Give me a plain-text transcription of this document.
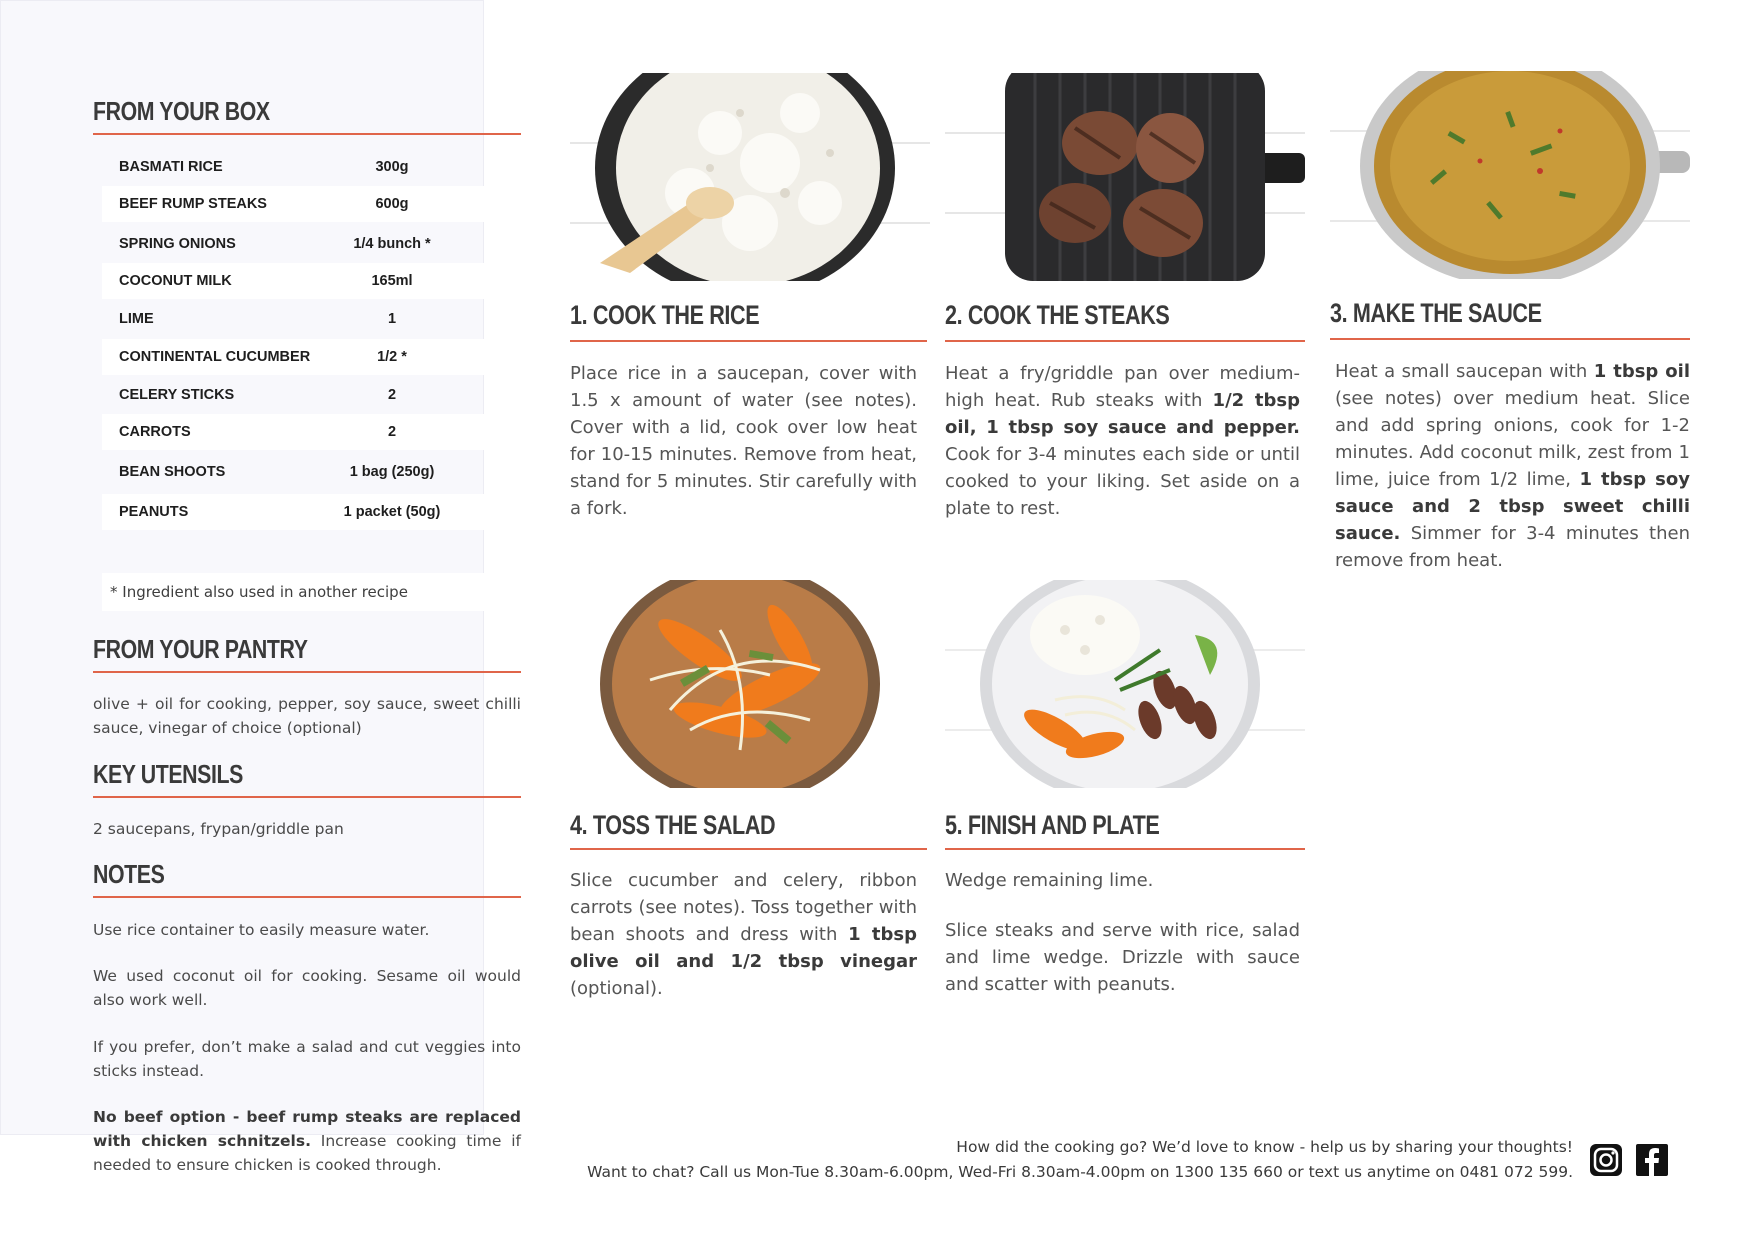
FROM YOUR BOX
BASMATI RICE	300g
BEEF RUMP STEAKS	600g
SPRING ONIONS	1/4 bunch *
COCONUT MILK	165ml
LIME	1
CONTINENTAL CUCUMBER	1/2 *
CELERY STICKS	2
CARROTS	2
BEAN SHOOTS	1 bag (250g)
PEANUTS	1 packet (50g)
* Ingredient also used in another recipe
FROM YOUR PANTRY
olive + oil for cooking, pepper, soy sauce, sweet chilli sauce, vinegar of choice (optional)
KEY UTENSILS
2 saucepans, frypan/griddle pan
NOTES
Use rice container to easily measure water.
We used coconut oil for cooking. Sesame oil would also work well.
If you prefer, don’t make a salad and cut veggies into sticks instead.
No beef option - beef rump steaks are replaced with chicken schnitzels. Increase cooking time if needed to ensure chicken is cooked through.
1. COOK THE RICE	2. COOK THE STEAKS	3. MAKE THE SAUCE
4. TOSS THE SALAD	5. FINISH AND PLATE
Place rice in a saucepan, cover with 1.5 x amount of water (see notes). Cover with a lid, cook over low heat for 10-15 minutes. Remove from heat, stand for 5 minutes. Stir carefully with a fork.
Heat a fry/griddle pan over medium-high heat. Rub steaks with 1/2 tbsp oil, 1 tbsp soy sauce and pepper. Cook for 3-4 minutes each side or until cooked to your liking. Set aside on a plate to rest.
Heat a small saucepan with 1 tbsp oil (see notes) over medium heat. Slice and add spring onions, cook for 1-2 minutes. Add coconut milk, zest from 1 lime, juice from 1/2 lime, 1 tbsp soy sauce and 2 tbsp sweet chilli sauce. Simmer for 3-4 minutes then remove from heat.
Slice cucumber and celery, ribbon carrots (see notes). Toss together with bean shoots and dress with 1 tbsp olive oil and 1/2 tbsp vinegar (optional).
Wedge remaining lime.
Slice steaks and serve with rice, salad and lime wedge. Drizzle with sauce and scatter with peanuts.
How did the cooking go? We’d love to know - help us by sharing your thoughts!
Want to chat? Call us Mon-Tue 8.30am-6.00pm, Wed-Fri 8.30am-4.00pm on 1300 135 660 or text us anytime on 0481 072 599.
